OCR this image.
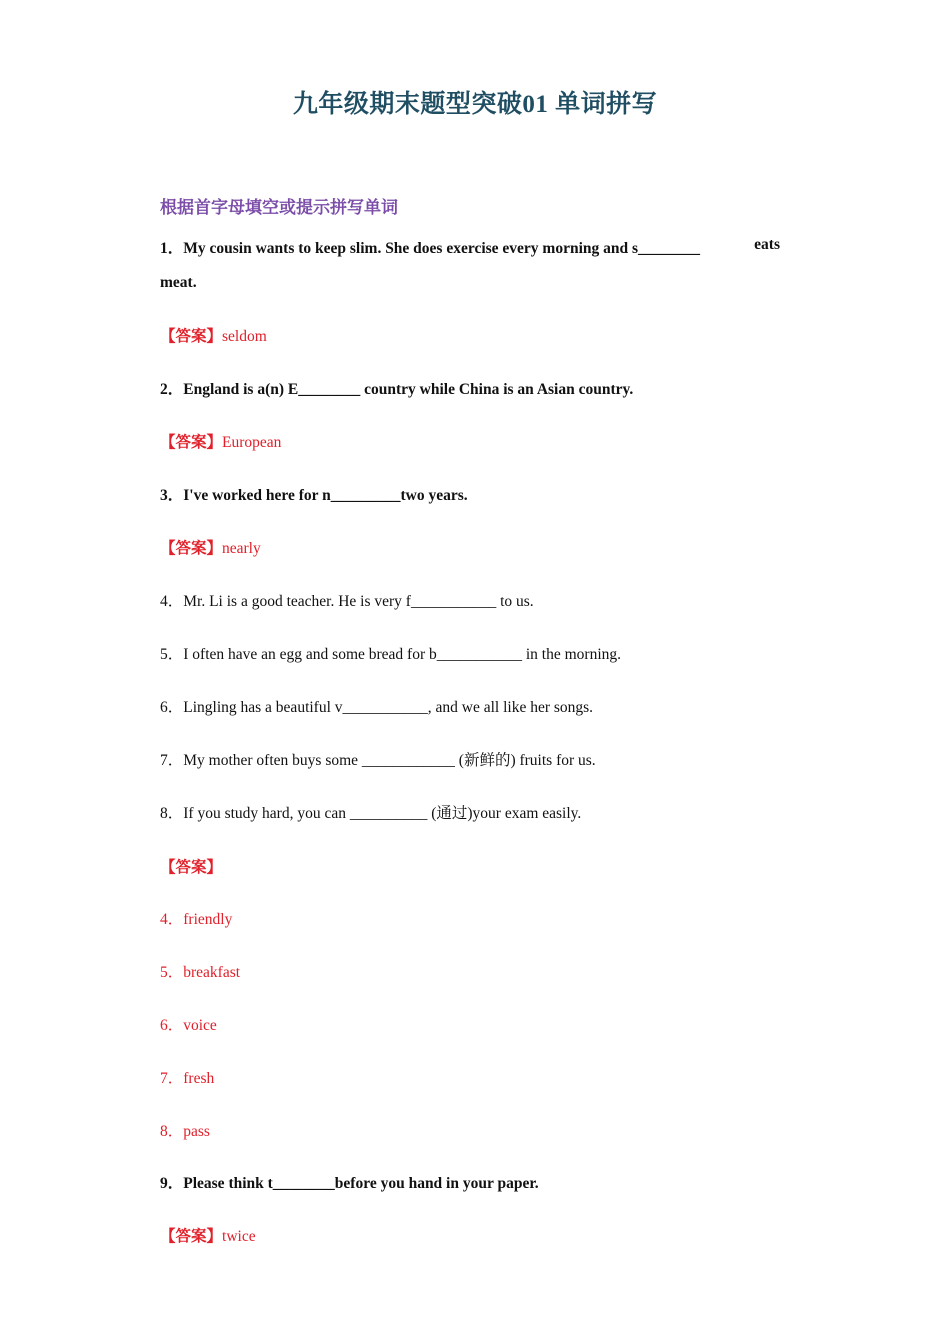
九年级期末题型突破01 单词拼写
根据首字母填空或提示拼写单词
1．My cousin wants to keep slim. She does exercise every morning and s________	eats
meat.
【答案】seldom
2．England is a(n) E________ country while China is an Asian country.
【答案】European
3．I've worked here for n_________two years.
【答案】nearly
4．Mr. Li is a good teacher. He is very f___________ to us.
5．I often have an egg and some bread for b___________ in the morning.
6．Lingling has a beautiful v___________, and we all like her songs.
7．My mother often buys some ____________ (新鲜的) fruits for us.
8．If you study hard, you can __________ (通过)your exam easily.
【答案】
4．friendly
5．breakfast
6．voice
7．fresh
8．pass
9．Please think t________before you hand in your paper.
【答案】twice
